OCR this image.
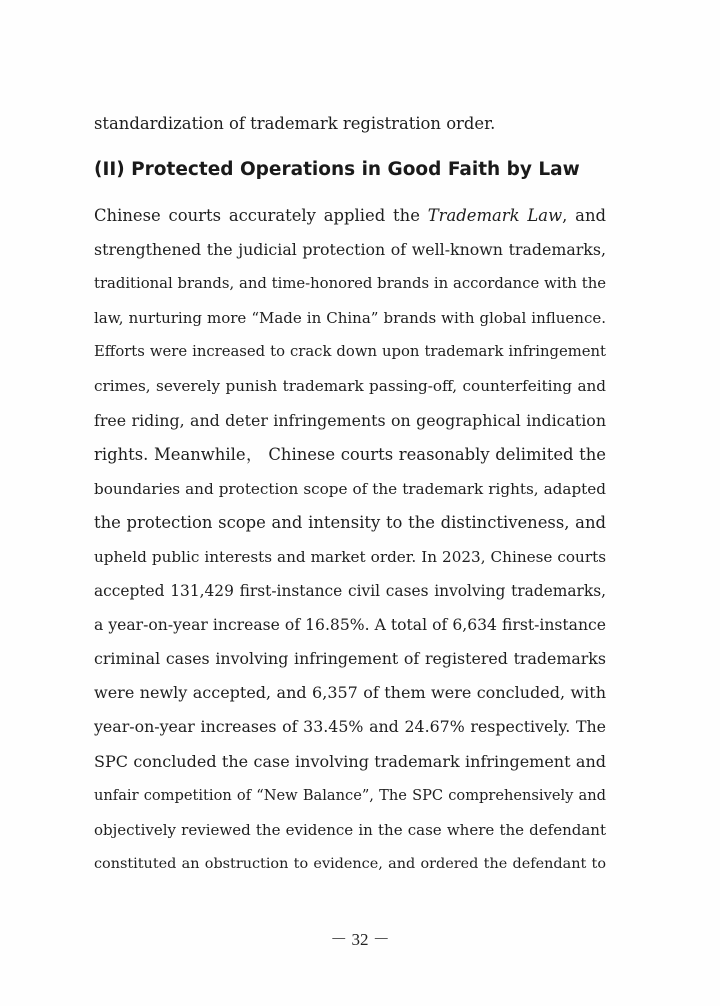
standardization of trademark registration order.
(II) Protected Operations in Good Faith by Law
Chinese courts accurately applied the Trademark Law, and
strengthened the judicial protection of well-known trademarks,
traditional brands, and time-honored brands in accordance with the
law, nurturing more “Made in China” brands with global influence.
Efforts were increased to crack down upon trademark infringement
crimes, severely punish trademark passing-off, counterfeiting and
free riding, and deter infringements on geographical indication
rights. Meanwhile， Chinese courts reasonably delimited the
boundaries and protection scope of the trademark rights, adapted
the protection scope and intensity to the distinctiveness, and
upheld public interests and market order. In 2023, Chinese courts
accepted 131,429 first-instance civil cases involving trademarks,
a year-on-year increase of 16.85%. A total of 6,634 first-instance
criminal cases involving infringement of registered trademarks
were newly accepted, and 6,357 of them were concluded, with
year-on-year increases of 33.45% and 24.67% respectively. The
SPC concluded the case involving trademark infringement and
unfair competition of “New Balance”, The SPC comprehensively and
objectively reviewed the evidence in the case where the defendant
constituted an obstruction to evidence, and ordered the defendant to
－ 32 －
